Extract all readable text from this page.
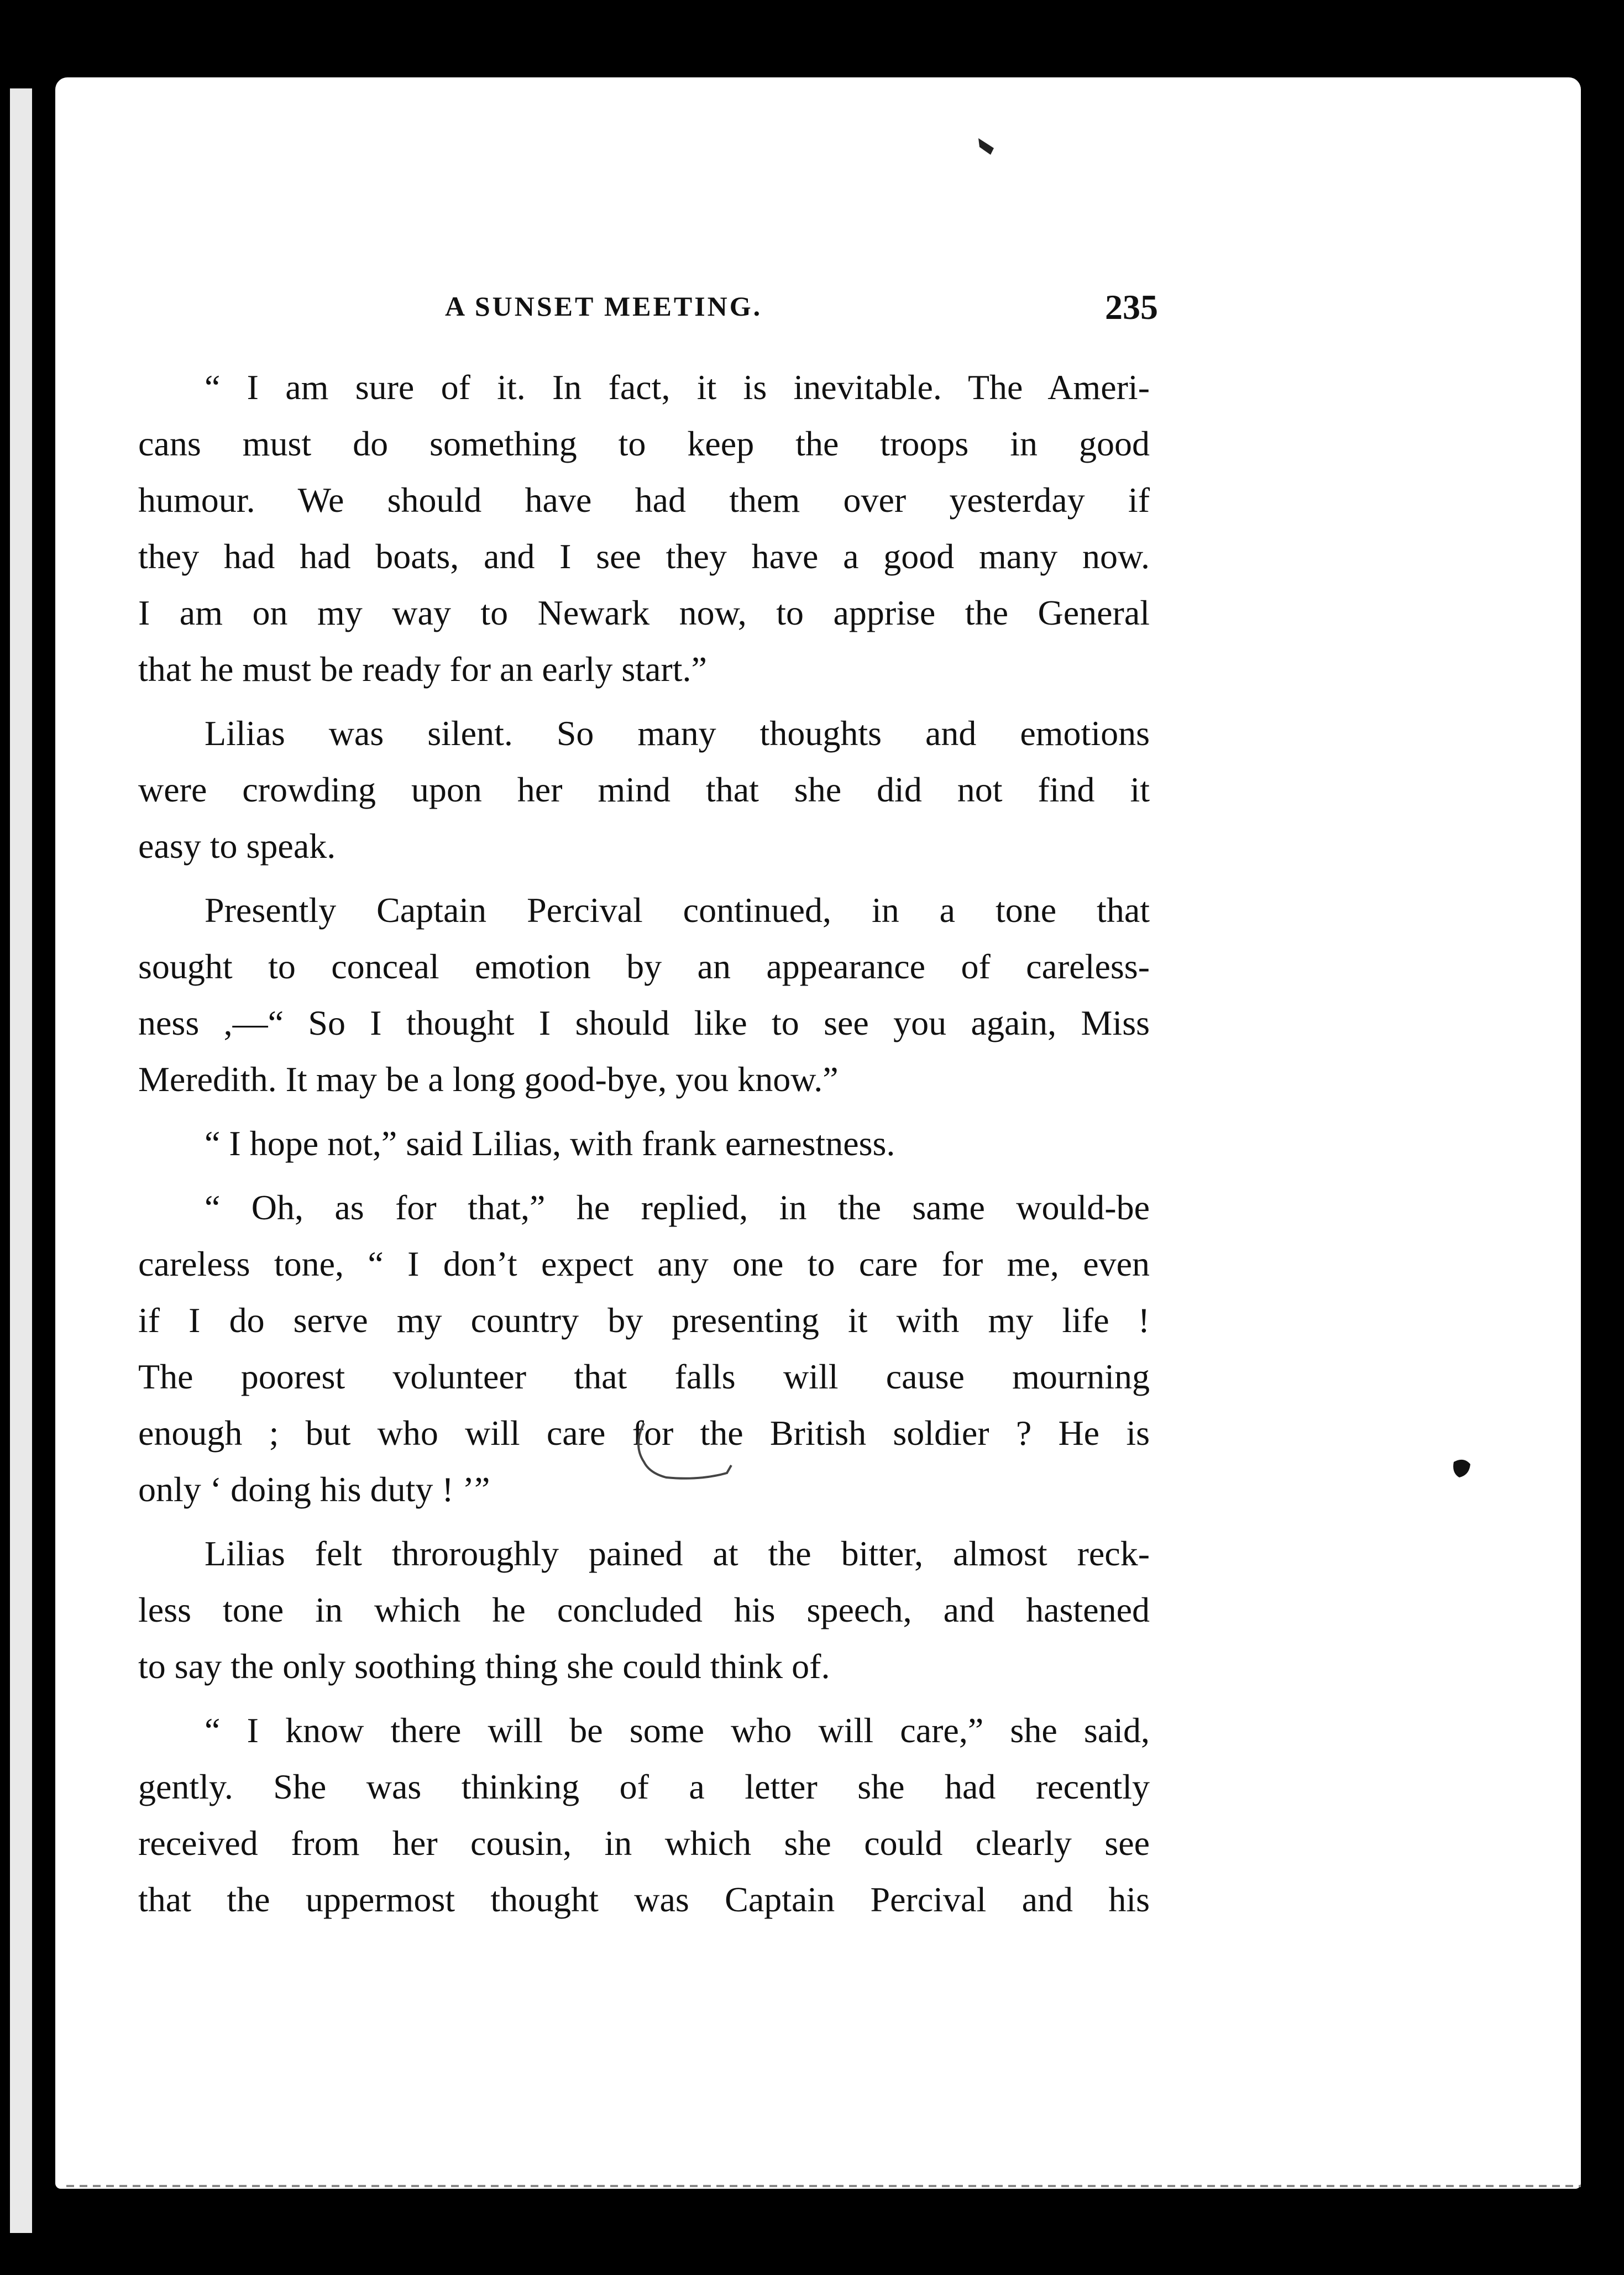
A SUNSET MEETING.	235
“ I am sure of it. In fact, it is inevitable. The Ameri-
cans must do something to keep the troops in good
humour. We should have had them over yesterday if
they had had boats, and I see they have a good many now.
I am on my way to Newark now, to apprise the General
that he must be ready for an early start.”
Lilias was silent. So many thoughts and emotions
were crowding upon her mind that she did not find it
easy to speak.
Presently Captain Percival continued, in a tone that
sought to conceal emotion by an appearance of careless-
ness ,—“ So I thought I should like to see you again, Miss
Meredith. It may be a long good-bye, you know.”
“ I hope not,” said Lilias, with frank earnestness.
“ Oh, as for that,” he replied, in the same would-be
careless tone, “ I don’t expect any one to care for me, even
if I do serve my country by presenting it with my life !
The poorest volunteer that falls will cause mourning
enough ; but who will care for the British soldier ? He is
only ‘ doing his duty ! ’”
Lilias felt throroughly pained at the bitter, almost reck-
less tone in which he concluded his speech, and hastened
to say the only soothing thing she could think of.
“ I know there will be some who will care,” she said,
gently. She was thinking of a letter she had recently
received from her cousin, in which she could clearly see
that the uppermost thought was Captain Percival and his
